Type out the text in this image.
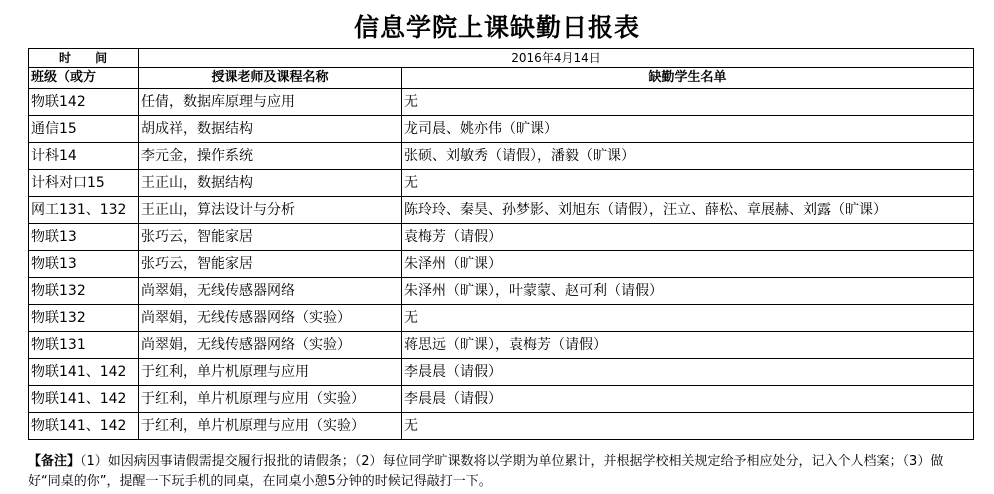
信息学院上课缺勤日报表
时 间	2016年4月14日	
班级（或方	授课老师及课程名称	缺勤学生名单
物联142	任倩，数据库原理与应用	无
通信15	胡成祥，数据结构	龙司晨、姚亦伟（旷课）
计科14	李元金，操作系统	张硕、刘敏秀（请假），潘毅（旷课）
计科对口15	王正山，数据结构	无
网工131、132	王正山，算法设计与分析	陈玲玲、秦昊、孙梦影、刘旭东（请假），汪立、薛松、章展赫、刘露（旷课）
物联13	张巧云，智能家居	袁梅芳（请假）
物联13	张巧云，智能家居	朱泽州（旷课）
物联132	尚翠娟，无线传感器网络	朱泽州（旷课），叶蒙蒙、赵可利（请假）
物联132	尚翠娟，无线传感器网络（实验）	无
物联131	尚翠娟，无线传感器网络（实验）	蒋思远（旷课），袁梅芳（请假）
物联141、142	于红利，单片机原理与应用	李晨晨（请假）
物联141、142	于红利，单片机原理与应用（实验）	李晨晨（请假）
物联141、142	于红利，单片机原理与应用（实验）	无
【备注】（1）如因病因事请假需提交履行报批的请假条；（2）每位同学旷课数将以学期为单位累计，并根据学校相关规定给予相应处分，记入个人档案；（3）做好“同桌的你”，提醒一下玩手机的同桌，在同桌小憩5分钟的时候记得敲打一下。
